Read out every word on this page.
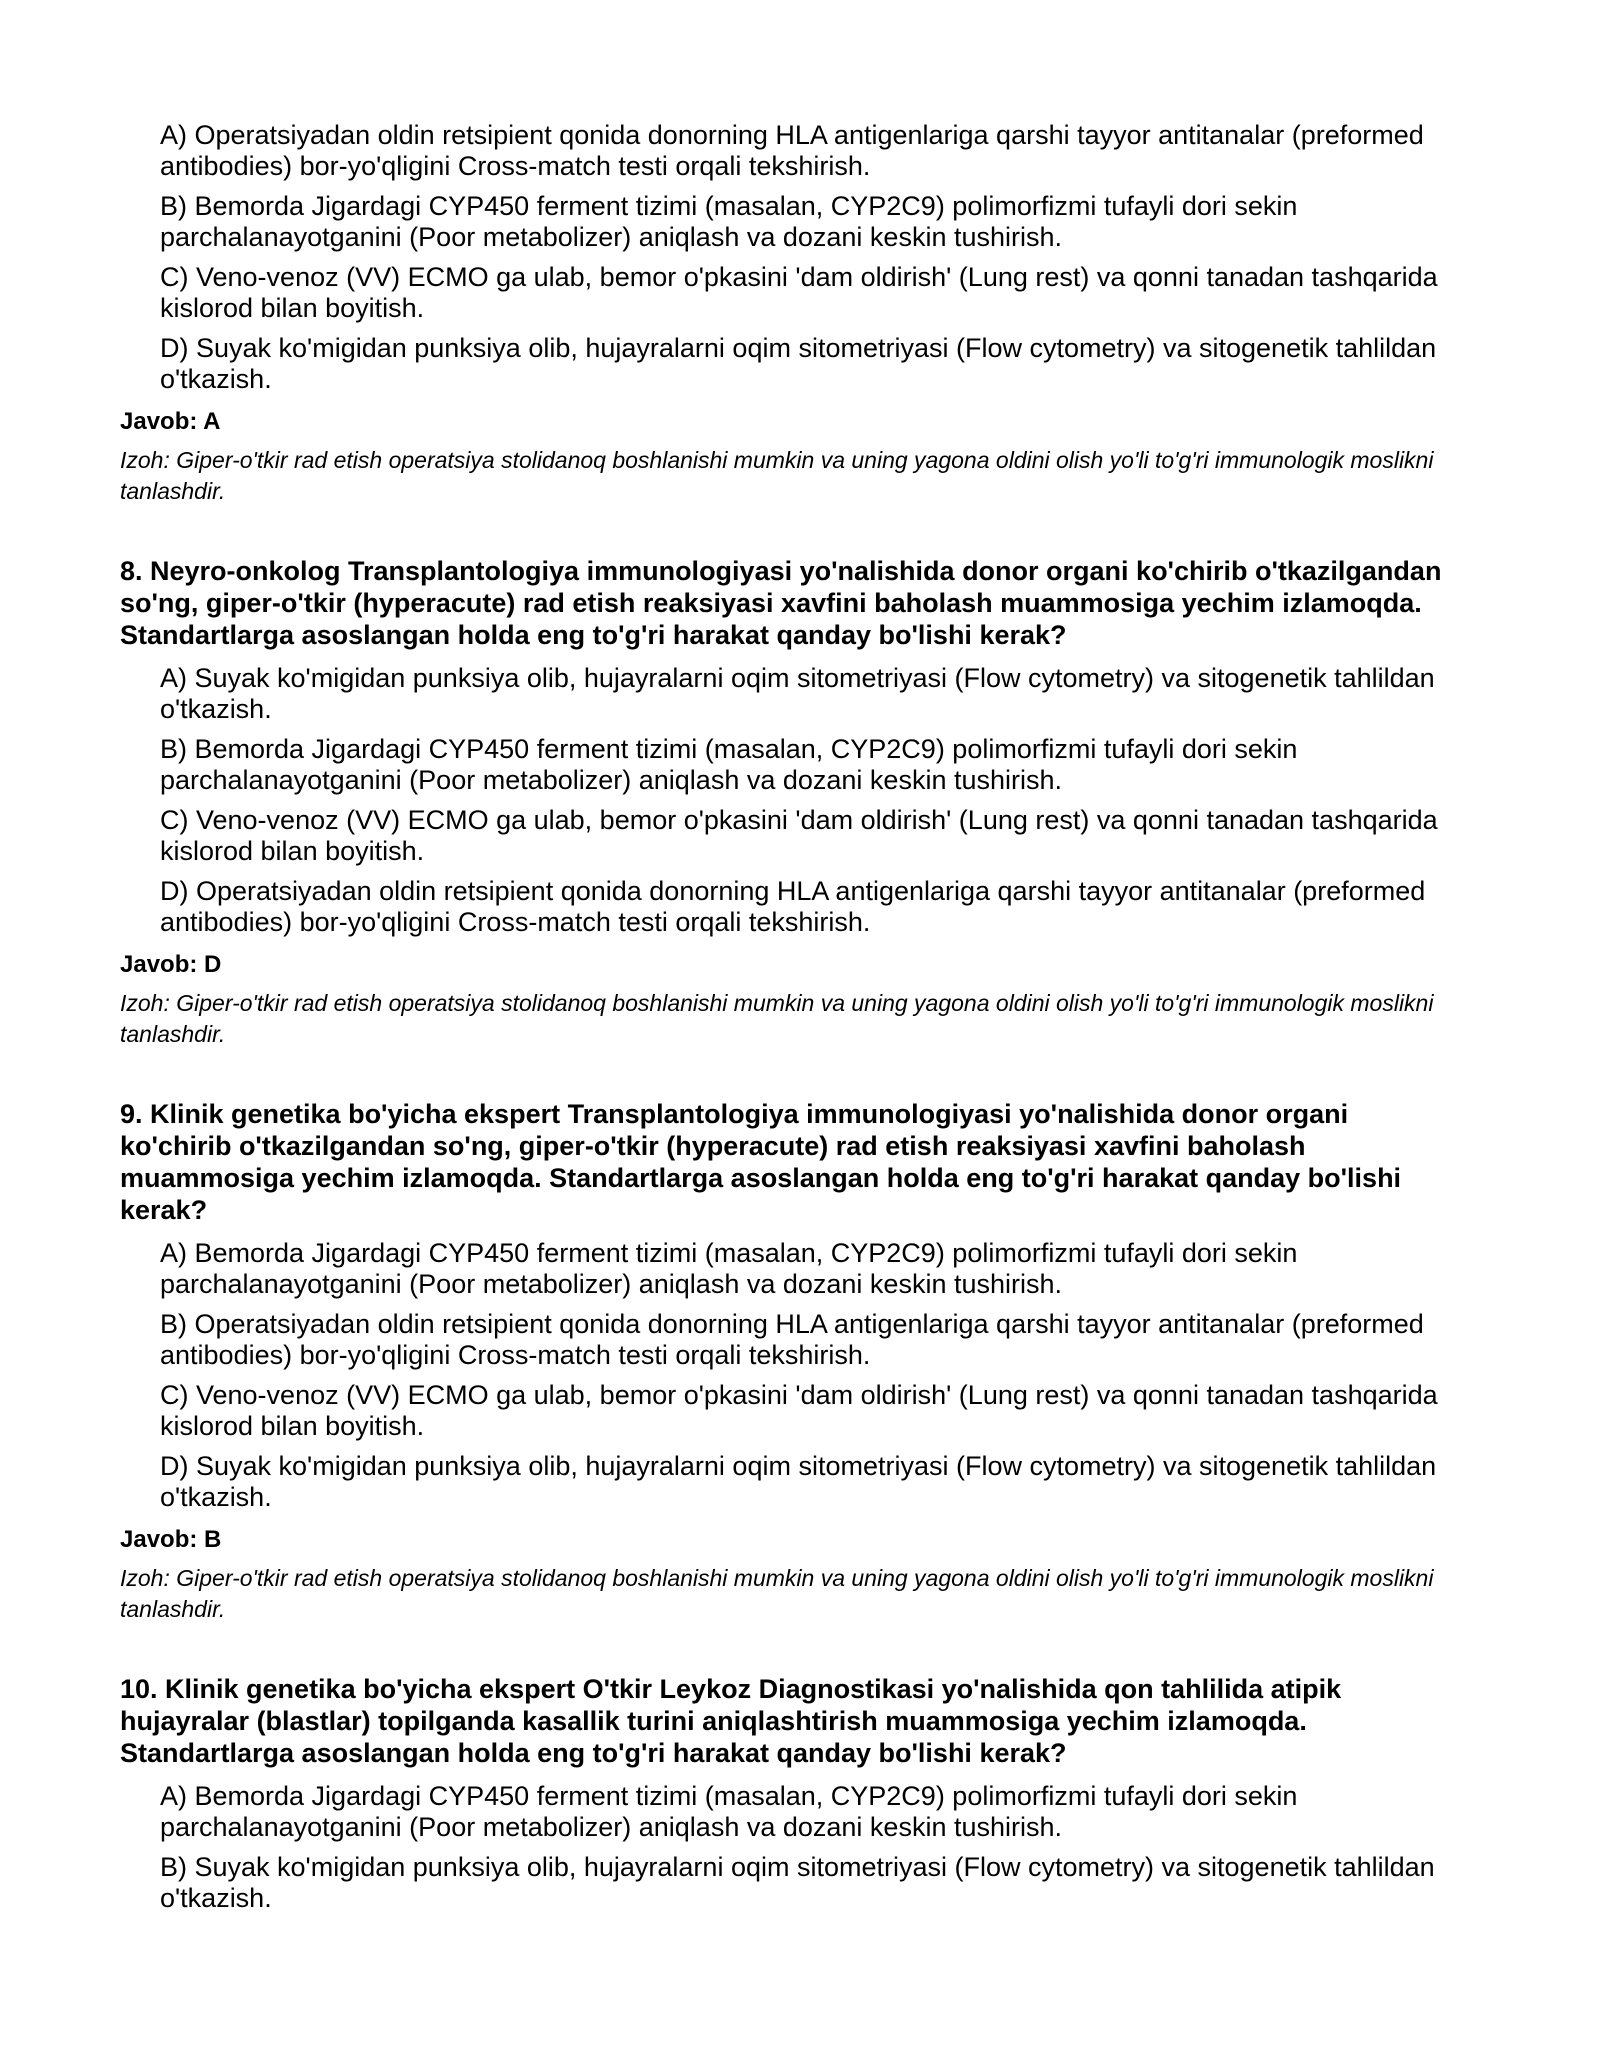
A) Operatsiyadan oldin retsipient qonida donorning HLA antigenlariga qarshi tayyor antitanalar (preformed antibodies) bor-yo'qligini Cross-match testi orqali tekshirish.
B) Bemorda Jigardagi CYP450 ferment tizimi (masalan, CYP2C9) polimorfizmi tufayli dori sekin parchalanayotganini (Poor metabolizer) aniqlash va dozani keskin tushirish.
C) Veno-venoz (VV) ECMO ga ulab, bemor o'pkasini 'dam oldirish' (Lung rest) va qonni tanadan tashqarida kislorod bilan boyitish.
D) Suyak ko'migidan punksiya olib, hujayralarni oqim sitometriyasi (Flow cytometry) va sitogenetik tahlildan o'tkazish.
Javob: A
Izoh: Giper-o'tkir rad etish operatsiya stolidanoq boshlanishi mumkin va uning yagona oldini olish yo'li to'g'ri immunologik moslikni tanlashdir.
8. Neyro-onkolog Transplantologiya immunologiyasi yo'nalishida donor organi ko'chirib o'tkazilgandan so'ng, giper-o'tkir (hyperacute) rad etish reaksiyasi xavfini baholash muammosiga yechim izlamoqda. Standartlarga asoslangan holda eng to'g'ri harakat qanday bo'lishi kerak?
A) Suyak ko'migidan punksiya olib, hujayralarni oqim sitometriyasi (Flow cytometry) va sitogenetik tahlildan o'tkazish.
B) Bemorda Jigardagi CYP450 ferment tizimi (masalan, CYP2C9) polimorfizmi tufayli dori sekin parchalanayotganini (Poor metabolizer) aniqlash va dozani keskin tushirish.
C) Veno-venoz (VV) ECMO ga ulab, bemor o'pkasini 'dam oldirish' (Lung rest) va qonni tanadan tashqarida kislorod bilan boyitish.
D) Operatsiyadan oldin retsipient qonida donorning HLA antigenlariga qarshi tayyor antitanalar (preformed antibodies) bor-yo'qligini Cross-match testi orqali tekshirish.
Javob: D
Izoh: Giper-o'tkir rad etish operatsiya stolidanoq boshlanishi mumkin va uning yagona oldini olish yo'li to'g'ri immunologik moslikni tanlashdir.
9. Klinik genetika bo'yicha ekspert Transplantologiya immunologiyasi yo'nalishida donor organi ko'chirib o'tkazilgandan so'ng, giper-o'tkir (hyperacute) rad etish reaksiyasi xavfini baholash muammosiga yechim izlamoqda. Standartlarga asoslangan holda eng to'g'ri harakat qanday bo'lishi kerak?
A) Bemorda Jigardagi CYP450 ferment tizimi (masalan, CYP2C9) polimorfizmi tufayli dori sekin parchalanayotganini (Poor metabolizer) aniqlash va dozani keskin tushirish.
B) Operatsiyadan oldin retsipient qonida donorning HLA antigenlariga qarshi tayyor antitanalar (preformed antibodies) bor-yo'qligini Cross-match testi orqali tekshirish.
C) Veno-venoz (VV) ECMO ga ulab, bemor o'pkasini 'dam oldirish' (Lung rest) va qonni tanadan tashqarida kislorod bilan boyitish.
D) Suyak ko'migidan punksiya olib, hujayralarni oqim sitometriyasi (Flow cytometry) va sitogenetik tahlildan o'tkazish.
Javob: B
Izoh: Giper-o'tkir rad etish operatsiya stolidanoq boshlanishi mumkin va uning yagona oldini olish yo'li to'g'ri immunologik moslikni tanlashdir.
10. Klinik genetika bo'yicha ekspert O'tkir Leykoz Diagnostikasi yo'nalishida qon tahlilida atipik hujayralar (blastlar) topilganda kasallik turini aniqlashtirish muammosiga yechim izlamoqda. Standartlarga asoslangan holda eng to'g'ri harakat qanday bo'lishi kerak?
A) Bemorda Jigardagi CYP450 ferment tizimi (masalan, CYP2C9) polimorfizmi tufayli dori sekin parchalanayotganini (Poor metabolizer) aniqlash va dozani keskin tushirish.
B) Suyak ko'migidan punksiya olib, hujayralarni oqim sitometriyasi (Flow cytometry) va sitogenetik tahlildan o'tkazish.
